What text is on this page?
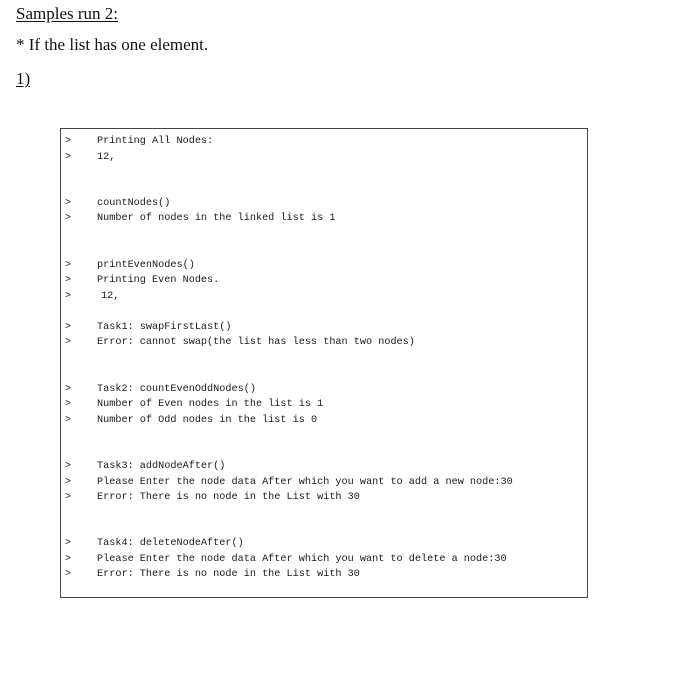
Samples run 2:
* If the list has one element.
1)
>	Printing All Nodes:
>	12,
>	countNodes()
>	Number of nodes in the linked list is 1
>	printEvenNodes()
>	Printing Even Nodes.
>	12,
>	Task1: swapFirstLast()
>	Error: cannot swap(the list has less than two nodes)
>	Task2: countEvenOddNodes()
>	Number of Even nodes in the list is 1
>	Number of Odd nodes in the list is 0
>	Task3: addNodeAfter()
>	Please Enter the node data After which you want to add a new node:30
>	Error: There is no node in the List with 30
>	Task4: deleteNodeAfter()
>	Please Enter the node data After which you want to delete a node:30
>	Error: There is no node in the List with 30
